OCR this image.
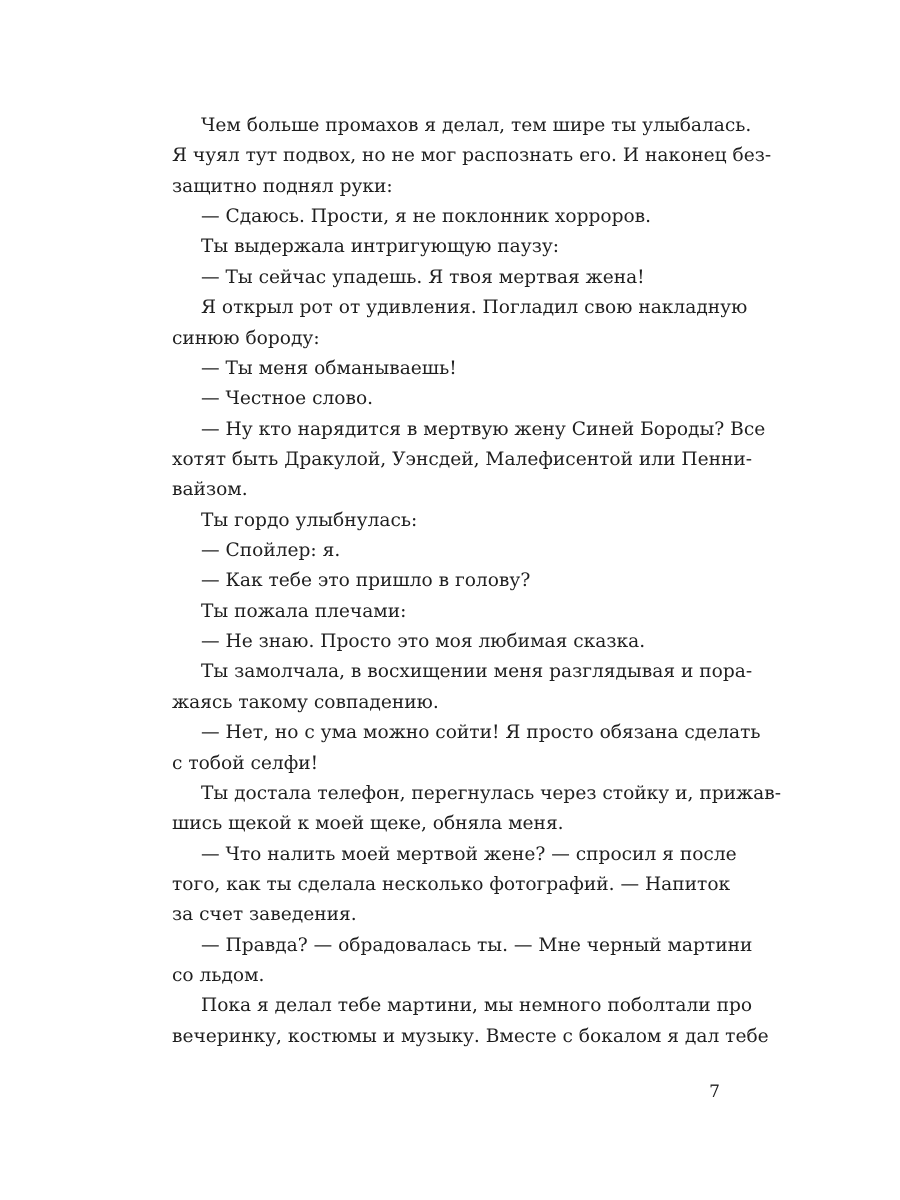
Чем больше промахов я делал, тем шире ты улыбалась.
Я чуял тут подвох, но не мог распознать его. И наконец без-
защитно поднял руки:
— Сдаюсь. Прости, я не поклонник хорроров.
Ты выдержала интригующую паузу:
— Ты сейчас упадешь. Я твоя мертвая жена!
Я открыл рот от удивления. Погладил свою накладную
синюю бороду:
— Ты меня обманываешь!
— Честное слово.
— Ну кто нарядится в мертвую жену Синей Бороды? Все
хотят быть Дракулой, Уэнсдей, Малефисентой или Пенни-
вайзом.
Ты гордо улыбнулась:
— Спойлер: я.
— Как тебе это пришло в голову?
Ты пожала плечами:
— Не знаю. Просто это моя любимая сказка.
Ты замолчала, в восхищении меня разглядывая и пора-
жаясь такому совпадению.
— Нет, но с ума можно сойти! Я просто обязана сделать
с тобой селфи!
Ты достала телефон, перегнулась через стойку и, прижав-
шись щекой к моей щеке, обняла меня.
— Что налить моей мертвой жене? — спросил я после
того, как ты сделала несколько фотографий. — Напиток
за счет заведения.
— Правда? — обрадовалась ты. — Мне черный мартини
со льдом.
Пока я делал тебе мартини, мы немного поболтали про
вечеринку, костюмы и музыку. Вместе с бокалом я дал тебе
7
